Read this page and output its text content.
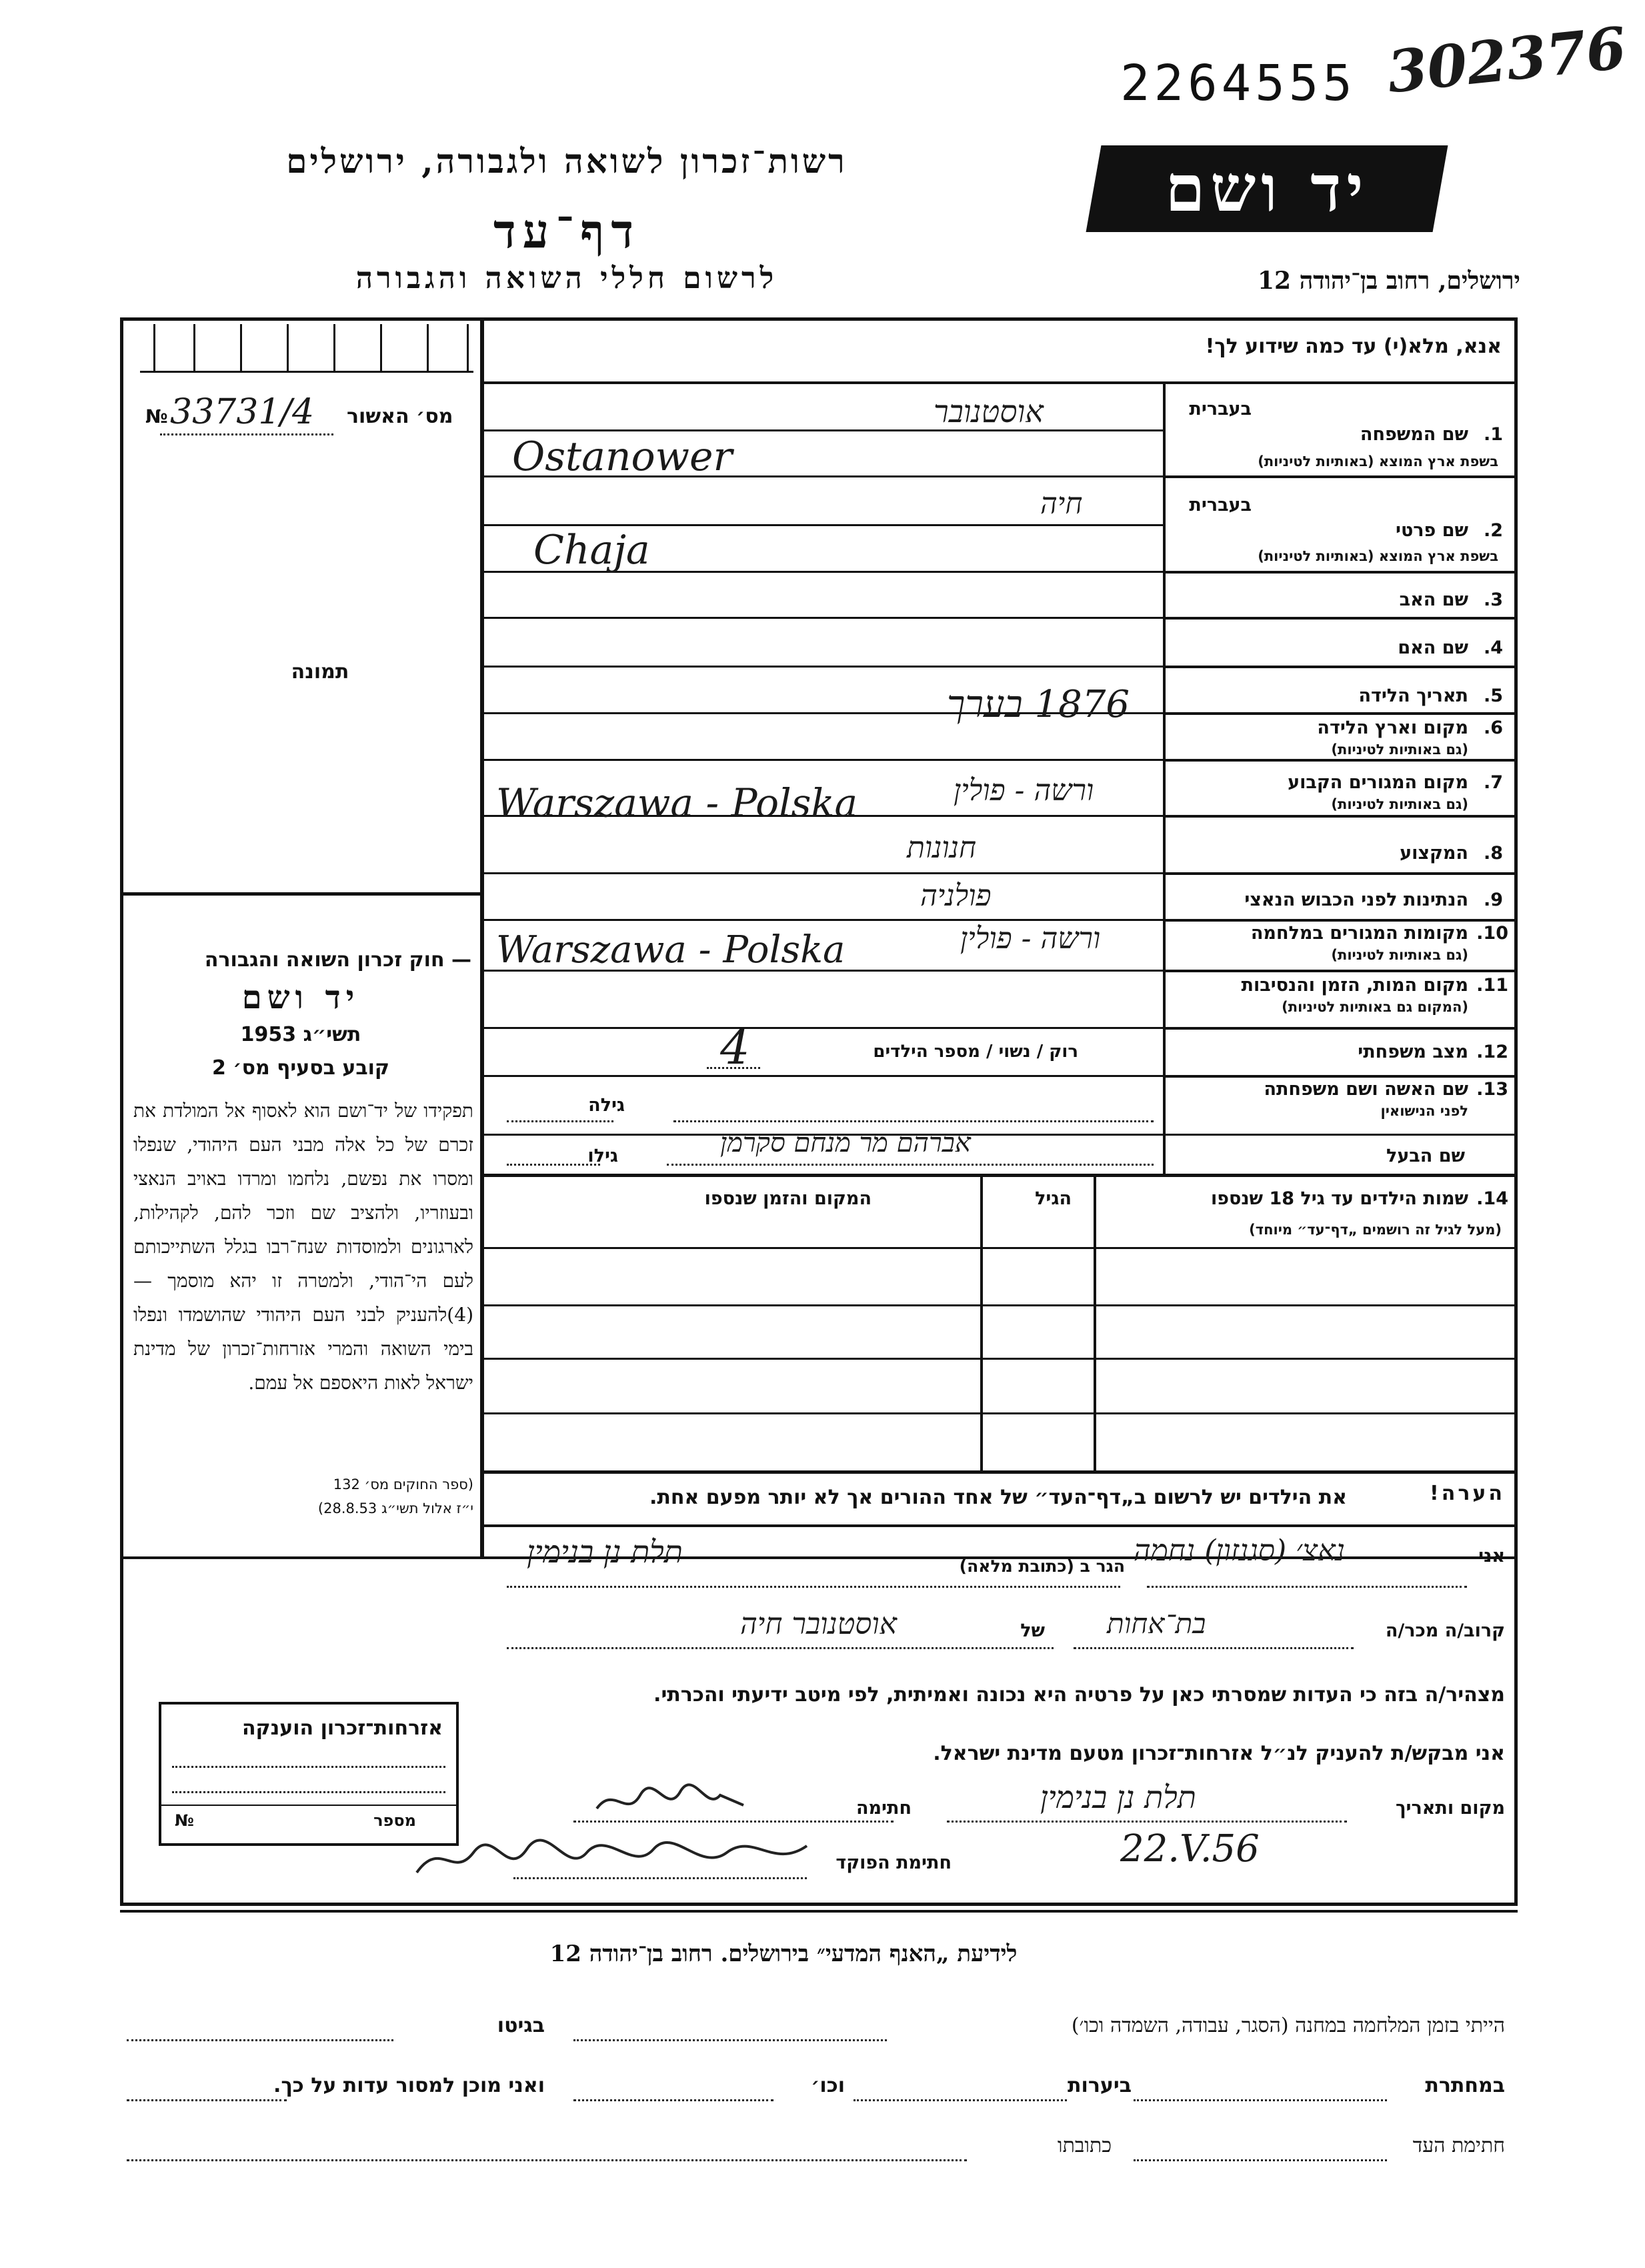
2264555 302376
רשות־זכרון לשואה ולגבורה, ירושלים
דף־עד
לרשום חללי השואה והגבורה
יד ושם
ירושלים, רחוב בן־יהודה 12
מס׳ האשור
33731/4
№
תמונה
— חוק זכרון השואה והגבורה
יד ושם
תשי״ג 1953
קובע בסעיף מס׳ 2
תפקידו של יד־ושם הוא לאסוף אל המולדת את זכרם של כל אלה מבני העם היהודי, שנפלו ומסרו את נפשם, נלחמו ומרדו באויב הנאצי ובעוזריו, ולהציב שם וזכר להם, לקהילות, לארגונים ולמוסדות שנח־רבו בגלל השתייכותם לעם הי־הודי, ולמטרה זו יהא מוסמך — (4)להעניק לבני העם היהודי שהושמדו ונפלו בימי השואה והמרי אזרחות־זכרון של מדינת ישראל לאות היאספם אל עמם.
(ספר החוקים מס׳ 132
י״ז אלול תשי״ג 28.8.53)
אנא, מלא(י) עד כמה שידוע לך!
בעברית
1.
שם המשפחה
בשפת ארץ המוצא (באותיות לטיניות)
אוסטנובר
Ostanower
בעברית
2.
שם פרטי
בשפת ארץ המוצא (באותיות לטיניות)
חיה
Chaja
3.
שם האב
4.
שם האם
5.
תאריך הלידה
1876 בערך
6.
מקום וארץ הלידה
(גם באותיות לטיניות)
7.
מקום המגורים הקבוע
(גם באותיות לטיניות)
ורשה - פולין
Warszawa - Polska
8.
המקצוע
חנונות
9.
הנתינות לפני הכבוש הנאצי
פולניה
10.
מקומות המגורים במלחמה
(גם באותיות לטיניות)
ורשה - פולין
Warszawa - Polska
11.
מקום המות, הזמן והנסיבות
(המקום גם באותיות לטיניות)
12.
מצב משפחתי
רוק / נשוי / מספר הילדים
4
13.
שם האשה ושם משפחתה
לפני הנישואין
גילה
שם הבעל
אברהם מר מנחם סקרמן
גילו
14.
שמות הילדים עד גיל 18 שנספו
(מעל לגיל זה רושמים „דף־עד״ מיוחד)
הגיל
המקום והזמן שנספו
הערה!
את הילדים יש לרשום ב„דף־העד״ של אחד ההורים אך לא יותר מפעם אחת.
אני
נאצ׳ (סגנזון) נחמה
הגר ב (כתובת מלאה)
תלת נן בנימין
קרוב/ה מכר/ה
בת־אחות
של
אוסטנובר חיה
מצהיר/ה בזה כי העדות שמסרתי כאן על פרטיה היא נכונה ואמיתית, לפי מיטב ידיעתי והכרתי.
אני מבקש/ת להעניק לנ״ל אזרחות־זכרון מטעם מדינת ישראל.
מקום ותאריך
תלת נן בנימין
22.V.56
חתימה
חתימת הפוקד
אזרחות־זכרון הוענקה
מספר
№
לידיעת „האנף המדעי״ בירושלים. רחוב בן־יהודה 12
הייתי בזמן המלחמה במחנה (הסגר, עבודה, השמדה וכו׳)
בגיטו
במחתרת
ביערות
וכו׳
ואני מוכן למסור עדות על כך.
חתימת העד
כתובתו
